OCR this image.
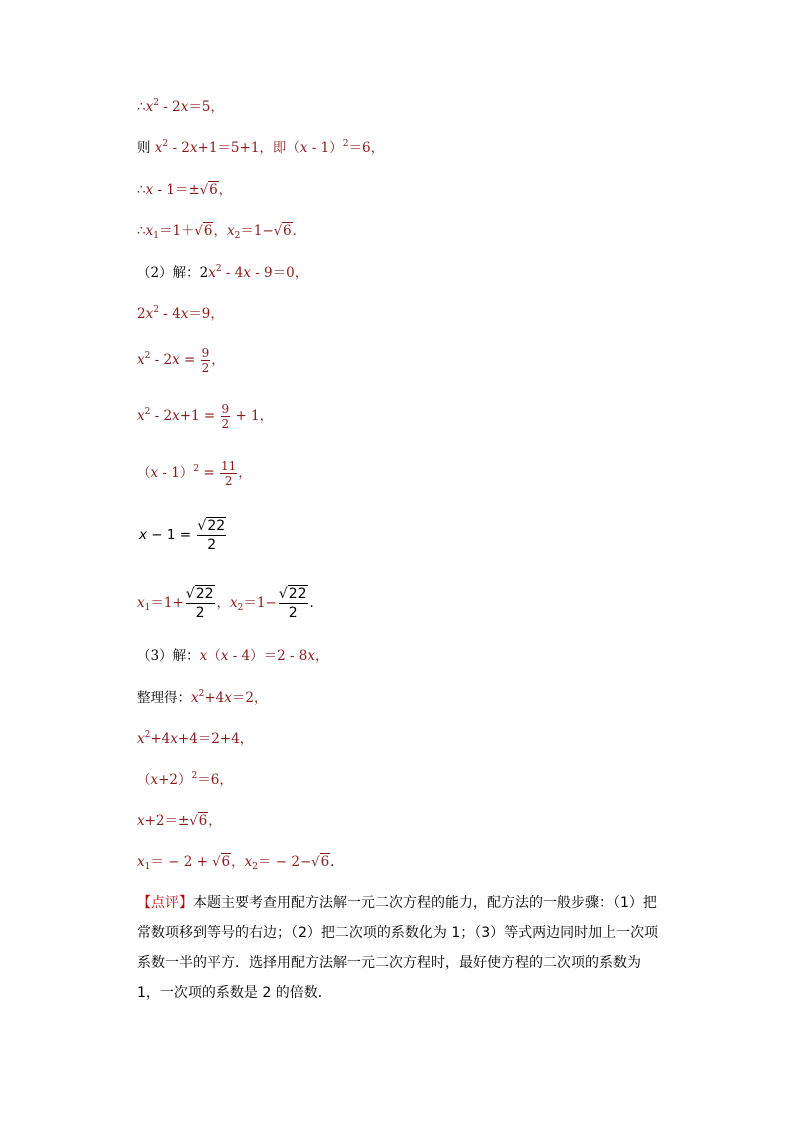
$\therefore x^2 - 2x=5$，
则 $x^2 - 2x+1=5+1$，即（x - 1）$^2$＝6，
∴x - 1＝±√6，
$\therefore x_1=1+√6$，$x_2=1-√6$．
（2）解：$2x^2 - 4x - 9=0$，
$2x^2 - 4x=9$，
$x^2 - 2x = \frac{9}{2}$ ，
$x^2 - 2x+1 = \frac{9}{2} + 1$，
$(x - 1)^2 = \frac{11}{2}$ ，
$x - 1 = \frac{√22}{2}$
$x_1=1+ \frac{√22}{2}$ ，$x_2=1- \frac{√22}{2}$ ．
（3）解：x（x - 4）＝2 - 8x，
整理得：$x^2+4x=2$，
$x^2+4x+4=2+4$，
$(x+2)^2=6$，
x+2＝±√6，
$x_1= - 2 + √6$，$x_2= - 2-√6$．
【点评】本题主要考查用配方法解一元二次方程的能力，配方法的一般步骤：（1）把常数项移到等号的右边；（2）把二次项的系数化为 1；（3）等式两边同时加上一次项系数一半的平方．选择用配方法解一元二次方程时，最好使方程的二次项的系数为 1，一次项的系数是 2 的倍数．
